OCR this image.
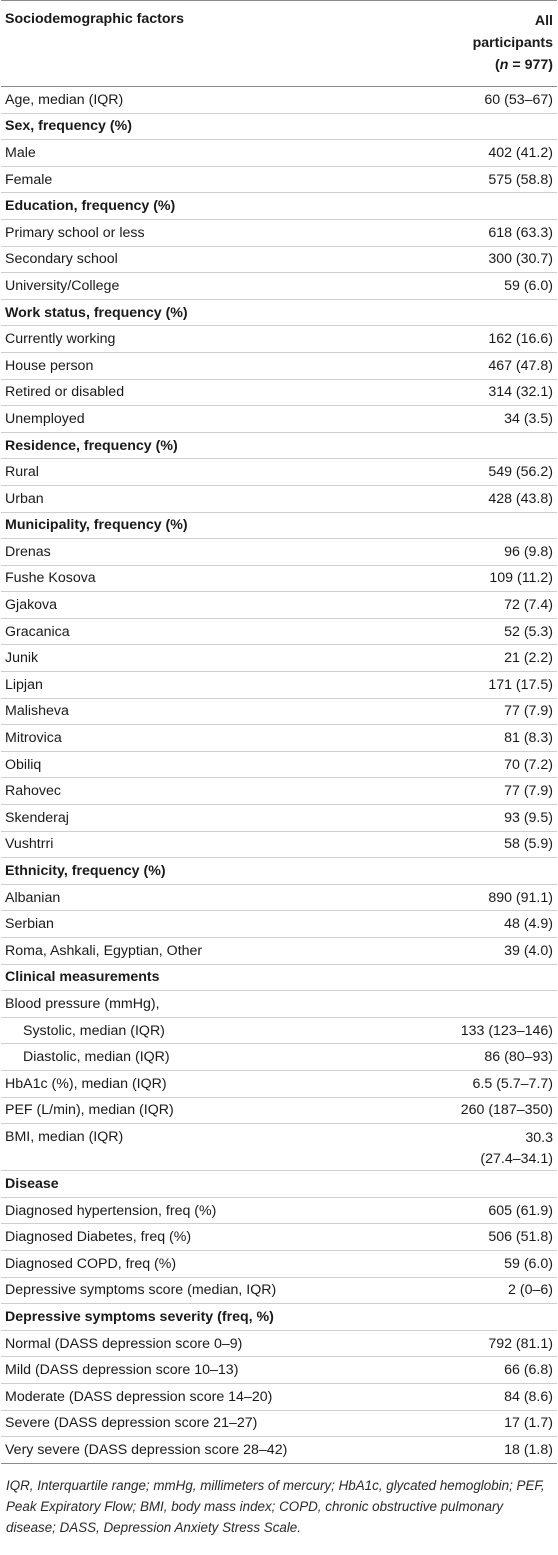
Sociodemographic factors	All
participants
(n = 977)
Age, median (IQR)	60 (53–67)
Sex, frequency (%)	
Male	402 (41.2)
Female	575 (58.8)
Education, frequency (%)	
Primary school or less	618 (63.3)
Secondary school	300 (30.7)
University/College	59 (6.0)
Work status, frequency (%)	
Currently working	162 (16.6)
House person	467 (47.8)
Retired or disabled	314 (32.1)
Unemployed	34 (3.5)
Residence, frequency (%)	
Rural	549 (56.2)
Urban	428 (43.8)
Municipality, frequency (%)	
Drenas	96 (9.8)
Fushe Kosova	109 (11.2)
Gjakova	72 (7.4)
Gracanica	52 (5.3)
Junik	21 (2.2)
Lipjan	171 (17.5)
Malisheva	77 (7.9)
Mitrovica	81 (8.3)
Obiliq	70 (7.2)
Rahovec	77 (7.9)
Skenderaj	93 (9.5)
Vushtrri	58 (5.9)
Ethnicity, frequency (%)	
Albanian	890 (91.1)
Serbian	48 (4.9)
Roma, Ashkali, Egyptian, Other	39 (4.0)
Clinical measurements	
Blood pressure (mmHg),	
Systolic, median (IQR)	133 (123–146)
Diastolic, median (IQR)	86 (80–93)
HbA1c (%), median (IQR)	6.5 (5.7–7.7)
PEF (L/min), median (IQR)	260 (187–350)
BMI, median (IQR)	30.3
(27.4–34.1)
Disease	
Diagnosed hypertension, freq (%)	605 (61.9)
Diagnosed Diabetes, freq (%)	506 (51.8)
Diagnosed COPD, freq (%)	59 (6.0)
Depressive symptoms score (median, IQR)	2 (0–6)
Depressive symptoms severity (freq, %)	
Normal (DASS depression score 0–9)	792 (81.1)
Mild (DASS depression score 10–13)	66 (6.8)
Moderate (DASS depression score 14–20)	84 (8.6)
Severe (DASS depression score 21–27)	17 (1.7)
Very severe (DASS depression score 28–42)	18 (1.8)

IQR, Interquartile range; mmHg, millimeters of mercury; HbA1c, glycated hemoglobin; PEF, Peak Expiratory Flow; BMI, body mass index; COPD, chronic obstructive pulmonary disease; DASS, Depression Anxiety Stress Scale.
